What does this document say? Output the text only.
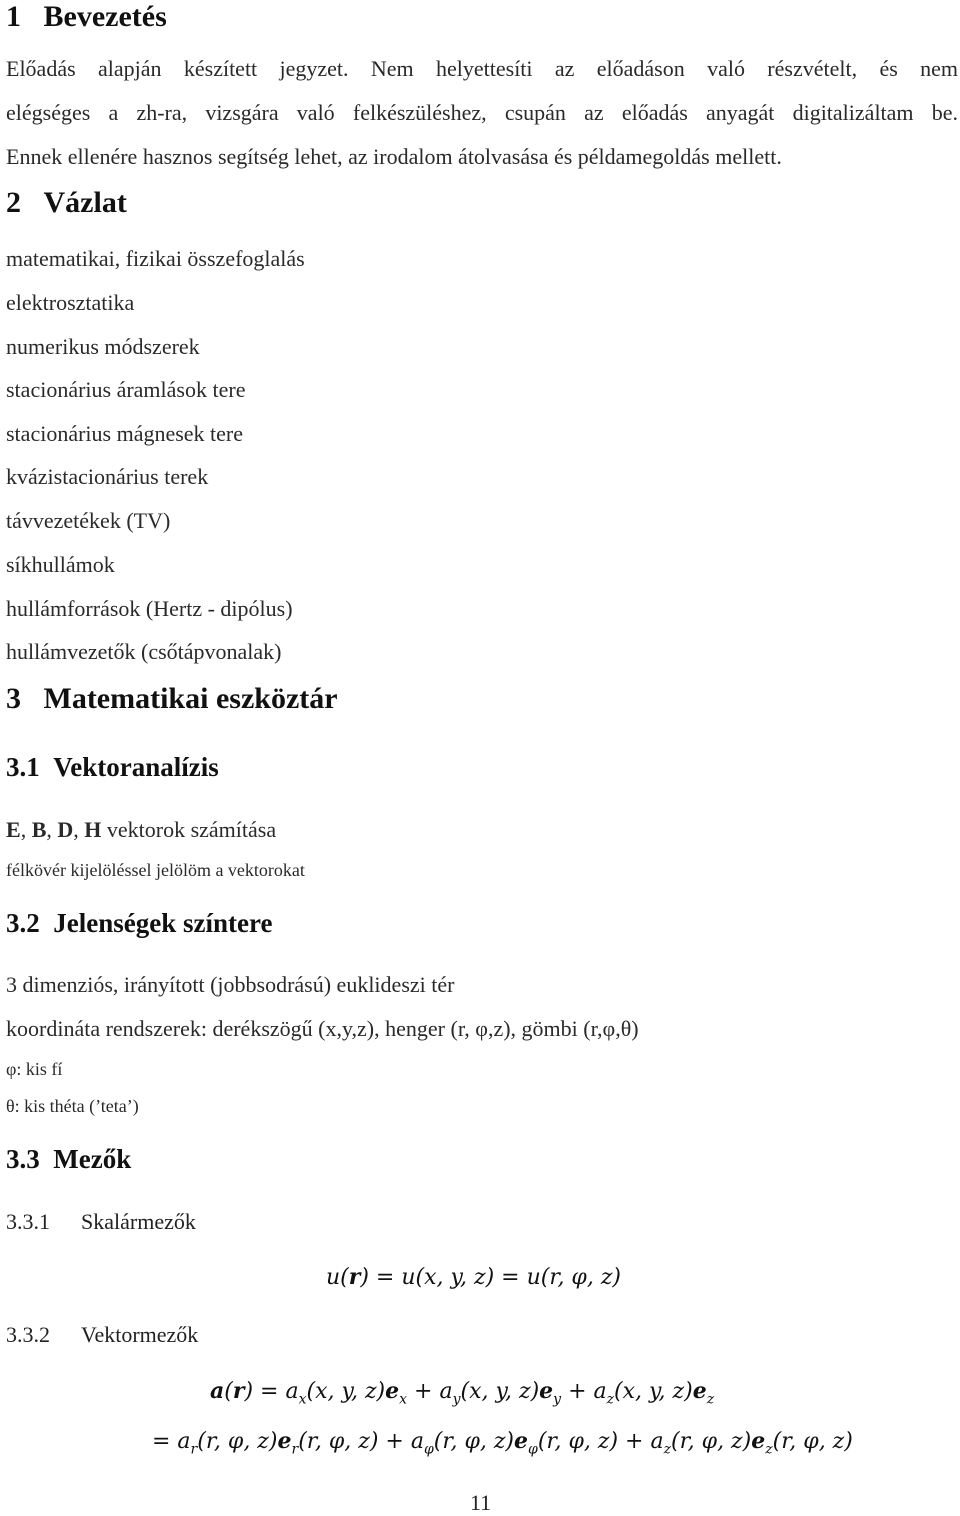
1 Bevezetés
Előadás alapján készített jegyzet. Nem helyettesíti az előadáson való részvételt, és nem
elégséges a zh-ra, vizsgára való felkészüléshez, csupán az előadás anyagát digitalizáltam be.
Ennek ellenére hasznos segítség lehet, az irodalom átolvasása és példamegoldás mellett.
2 Vázlat
matematikai, fizikai összefoglalás
elektrosztatika
numerikus módszerek
stacionárius áramlások tere
stacionárius mágnesek tere
kvázistacionárius terek
távvezetékek (TV)
síkhullámok
hullámforrások (Hertz - dipólus)
hullámvezetők (csőtápvonalak)
3 Matematikai eszköztár
3.1 Vektoranalízis
E, B, D, H vektorok számítása
félkövér kijelöléssel jelölöm a vektorokat
3.2 Jelenségek színtere
3 dimenziós, irányított (jobbsodrású) euklideszi tér
koordináta rendszerek: derékszögű (x,y,z), henger (r, φ,z), gömbi (r,φ,θ)
φ: kis fí
θ: kis théta (’teta’)
3.3 Mezők
3.3.1 Skalármezők
u(r) = u(x, y, z) = u(r, φ, z)
3.3.2 Vektormezők
$a(r) = a_x(x$, y, $z)e_x + a_y(x$, y, $z)e_y + a_z(x$, y, $z)e_z$
= $a_r(r$, φ, $z)e_r(r$, φ, $z) + a_\varphi(r$, φ, $z)e_\varphi(r$, φ, $z) + a_z(r$, φ, $z)e_z(r$, φ, z)
11
